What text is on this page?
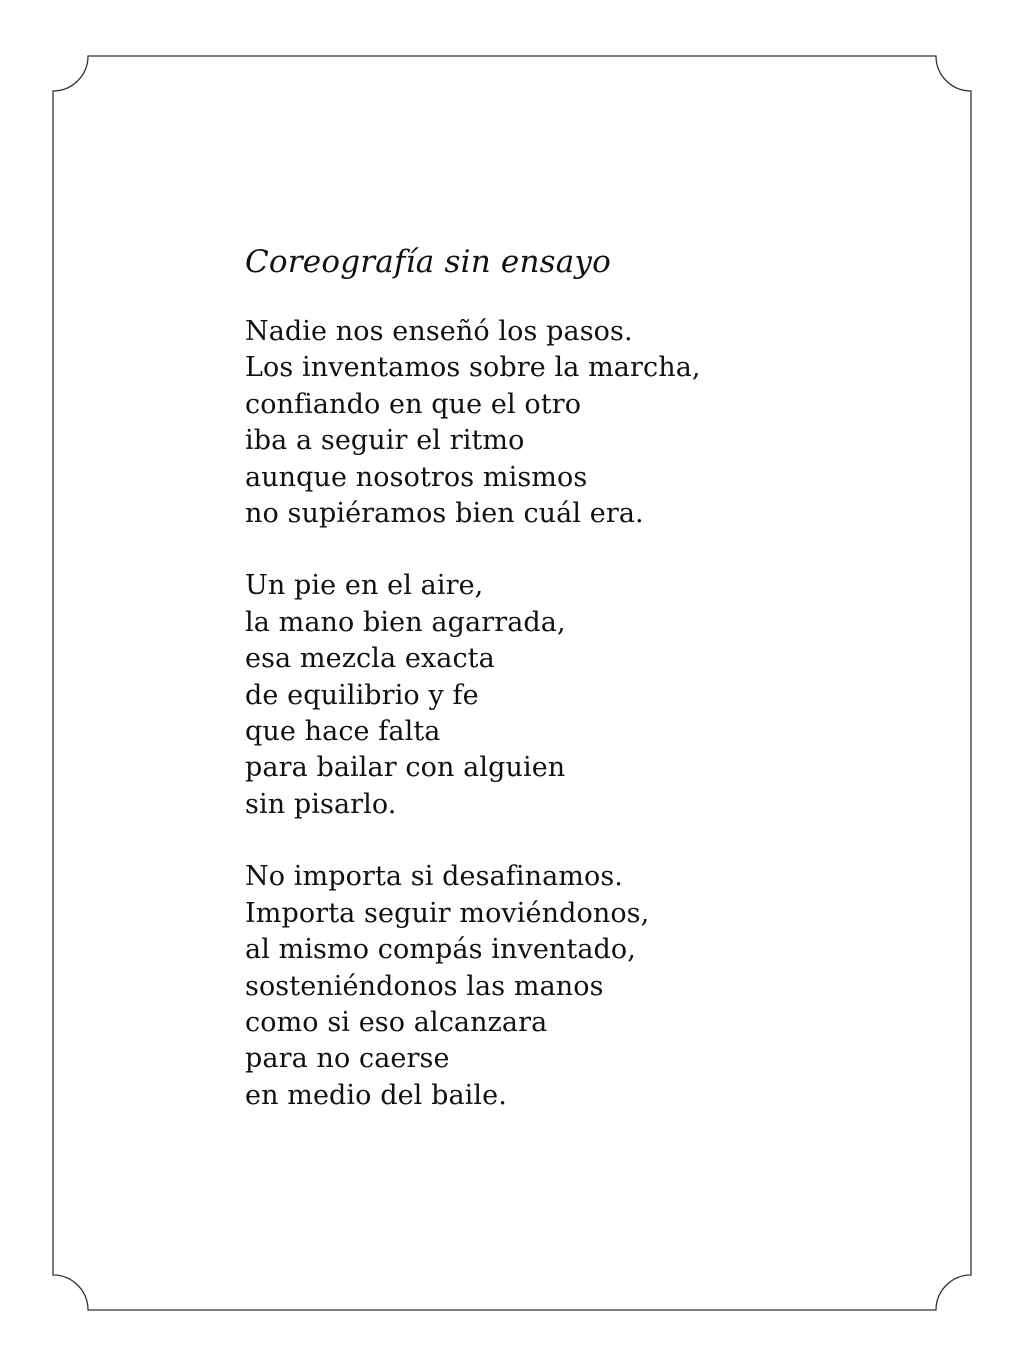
Coreografía sin ensayo
Nadie nos enseñó los pasos.
Los inventamos sobre la marcha,
confiando en que el otro
iba a seguir el ritmo
aunque nosotros mismos
no supiéramos bien cuál era.
Un pie en el aire,
la mano bien agarrada,
esa mezcla exacta
de equilibrio y fe
que hace falta
para bailar con alguien
sin pisarlo.
No importa si desafinamos.
Importa seguir moviéndonos,
al mismo compás inventado,
sosteniéndonos las manos
como si eso alcanzara
para no caerse
en medio del baile.
